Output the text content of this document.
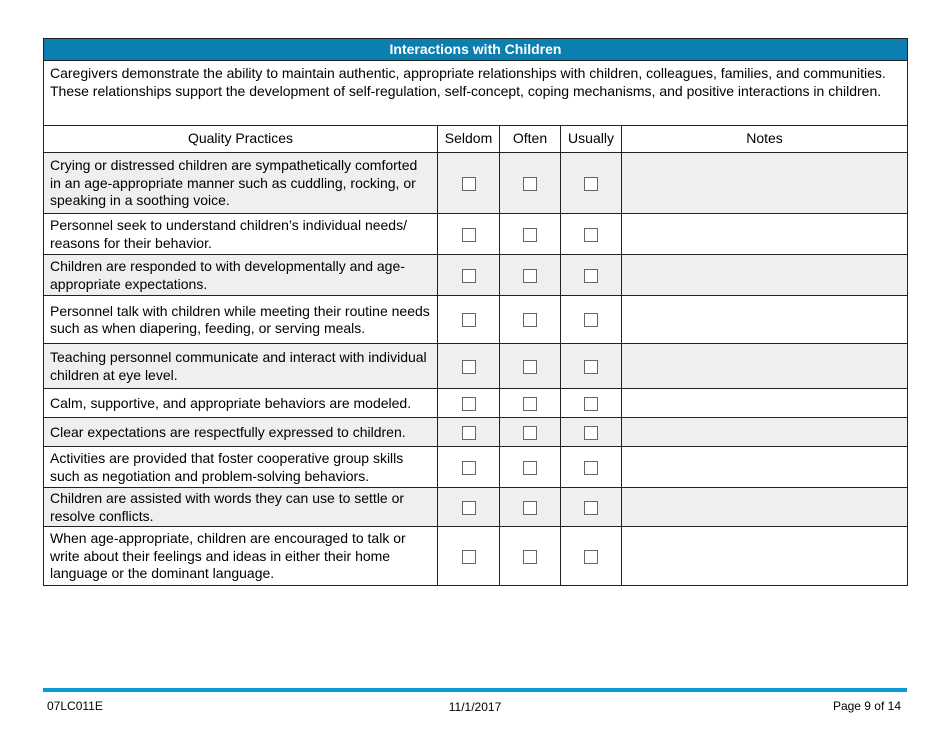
Interactions with Children				
Caregivers demonstrate the ability to maintain authentic, appropriate relationships with children, colleagues, families, and communities. These relationships support the development of self-regulation, self-concept, coping mechanisms, and positive interactions in children.				
Quality Practices	Seldom	Often	Usually	Notes
Crying or distressed children are sympathetically comforted in an age-appropriate manner such as cuddling, rocking, or speaking in a soothing voice.				
Personnel seek to understand children’s individual needs/ reasons for their behavior.				
Children are responded to with developmentally and age-appropriate expectations.				
Personnel talk with children while meeting their routine needs such as when diapering, feeding, or serving meals.				
Teaching personnel communicate and interact with individual children at eye level.				
Calm, supportive, and appropriate behaviors are modeled.				
Clear expectations are respectfully expressed to children.				
Activities are provided that foster cooperative group skills such as negotiation and problem-solving behaviors.				
Children are assisted with words they can use to settle or resolve conflicts.				
When age-appropriate, children are encouraged to talk or write about their feelings and ideas in either their home language or the dominant language.				
07LC011E	11/1/2017	Page 9 of 14
